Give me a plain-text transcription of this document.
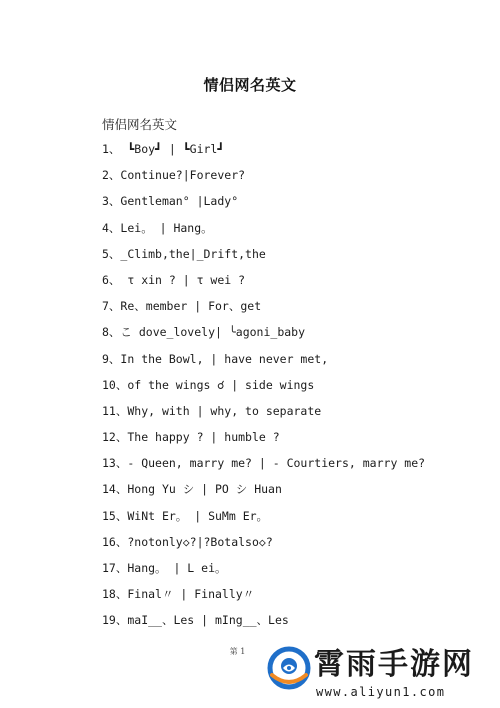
情侣网名英文
情侣网名英文
1、 ┗Boy┛ | ┗Girl┛
2、Continue?|Forever?
3、Gentleman° |Lady°
4、Lei。 | Hang。
5、_Climb,the|_Drift,the
6、 τ xin ? | τ wei ?
7、Re、member | For、get
8、こ dove_lovely| ╰agoni_baby
9、In the Bowl, | have never met,
10、of the wings ☌ | side wings
11、Why, with | why, to separate
12、The happy ? | humble ?
13、- Queen, marry me? | - Courtiers, marry me?
14、Hong Yu シ | PO シ Huan
15、WiNt Er。 | SuMm Er。
16、?notonly◇?|?Botalso◇?
17、Hang。 | L ei。
18、Final〃 | Finally〃
19、maI__、Les | mIng__、Les
第 1	霄雨手游网
www.aliyun1.com
